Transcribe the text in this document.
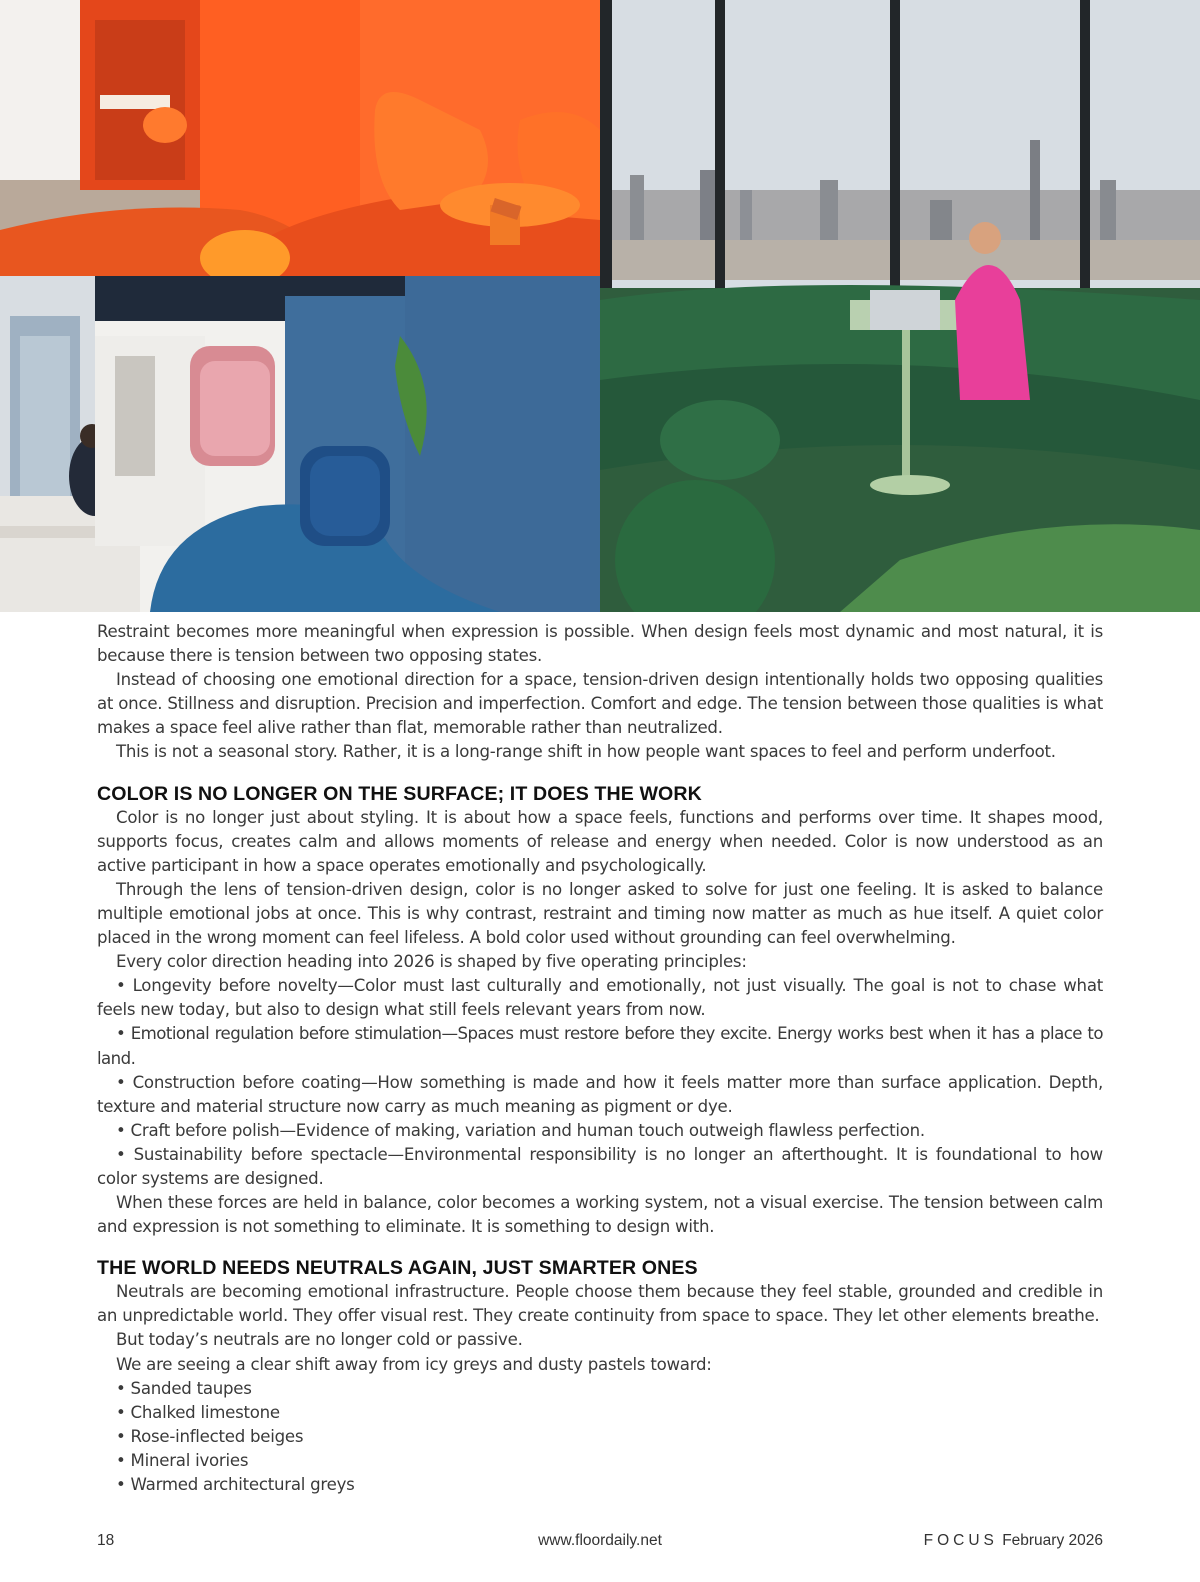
Restraint becomes more meaningful when expression is possible. When design feels most dynamic and most natural, it is because there is tension between two opposing states.

Instead of choosing one emotional direction for a space, tension-driven design intentionally holds two opposing qualities at once. Stillness and disruption. Precision and imperfection. Comfort and edge. The tension between those qualities is what makes a space feel alive rather than flat, memorable rather than neutralized.

This is not a seasonal story. Rather, it is a long-range shift in how people want spaces to feel and perform underfoot.

COLOR IS NO LONGER ON THE SURFACE; IT DOES THE WORK

Color is no longer just about styling. It is about how a space feels, functions and performs over time. It shapes mood, supports focus, creates calm and allows moments of release and energy when needed. Color is now understood as an active participant in how a space operates emotionally and psychologically.

Through the lens of tension-driven design, color is no longer asked to solve for just one feeling. It is asked to balance multiple emotional jobs at once. This is why contrast, restraint and timing now matter as much as hue itself. A quiet color placed in the wrong moment can feel lifeless. A bold color used without grounding can feel overwhelming.

Every color direction heading into 2026 is shaped by five operating principles:

• Longevity before novelty—Color must last culturally and emotionally, not just visually. The goal is not to chase what feels new today, but also to design what still feels relevant years from now.
• Emotional regulation before stimulation—Spaces must restore before they excite. Energy works best when it has a place to land.
• Construction before coating—How something is made and how it feels matter more than surface application. Depth, texture and material structure now carry as much meaning as pigment or dye.
• Craft before polish—Evidence of making, variation and human touch outweigh flawless perfection.
• Sustainability before spectacle—Environmental responsibility is no longer an afterthought. It is foundational to how color systems are designed.

When these forces are held in balance, color becomes a working system, not a visual exercise. The tension between calm and expression is not something to eliminate. It is something to design with.

THE WORLD NEEDS NEUTRALS AGAIN, JUST SMARTER ONES

Neutrals are becoming emotional infrastructure. People choose them because they feel stable, grounded and credible in an unpredictable world. They offer visual rest. They create continuity from space to space. They let other elements breathe.

But today’s neutrals are no longer cold or passive.

We are seeing a clear shift away from icy greys and dusty pastels toward:

• Sanded taupes
• Chalked limestone
• Rose-inflected beiges
• Mineral ivories
• Warmed architectural greys
18	www.floordaily.net	FOCUS February 2026
